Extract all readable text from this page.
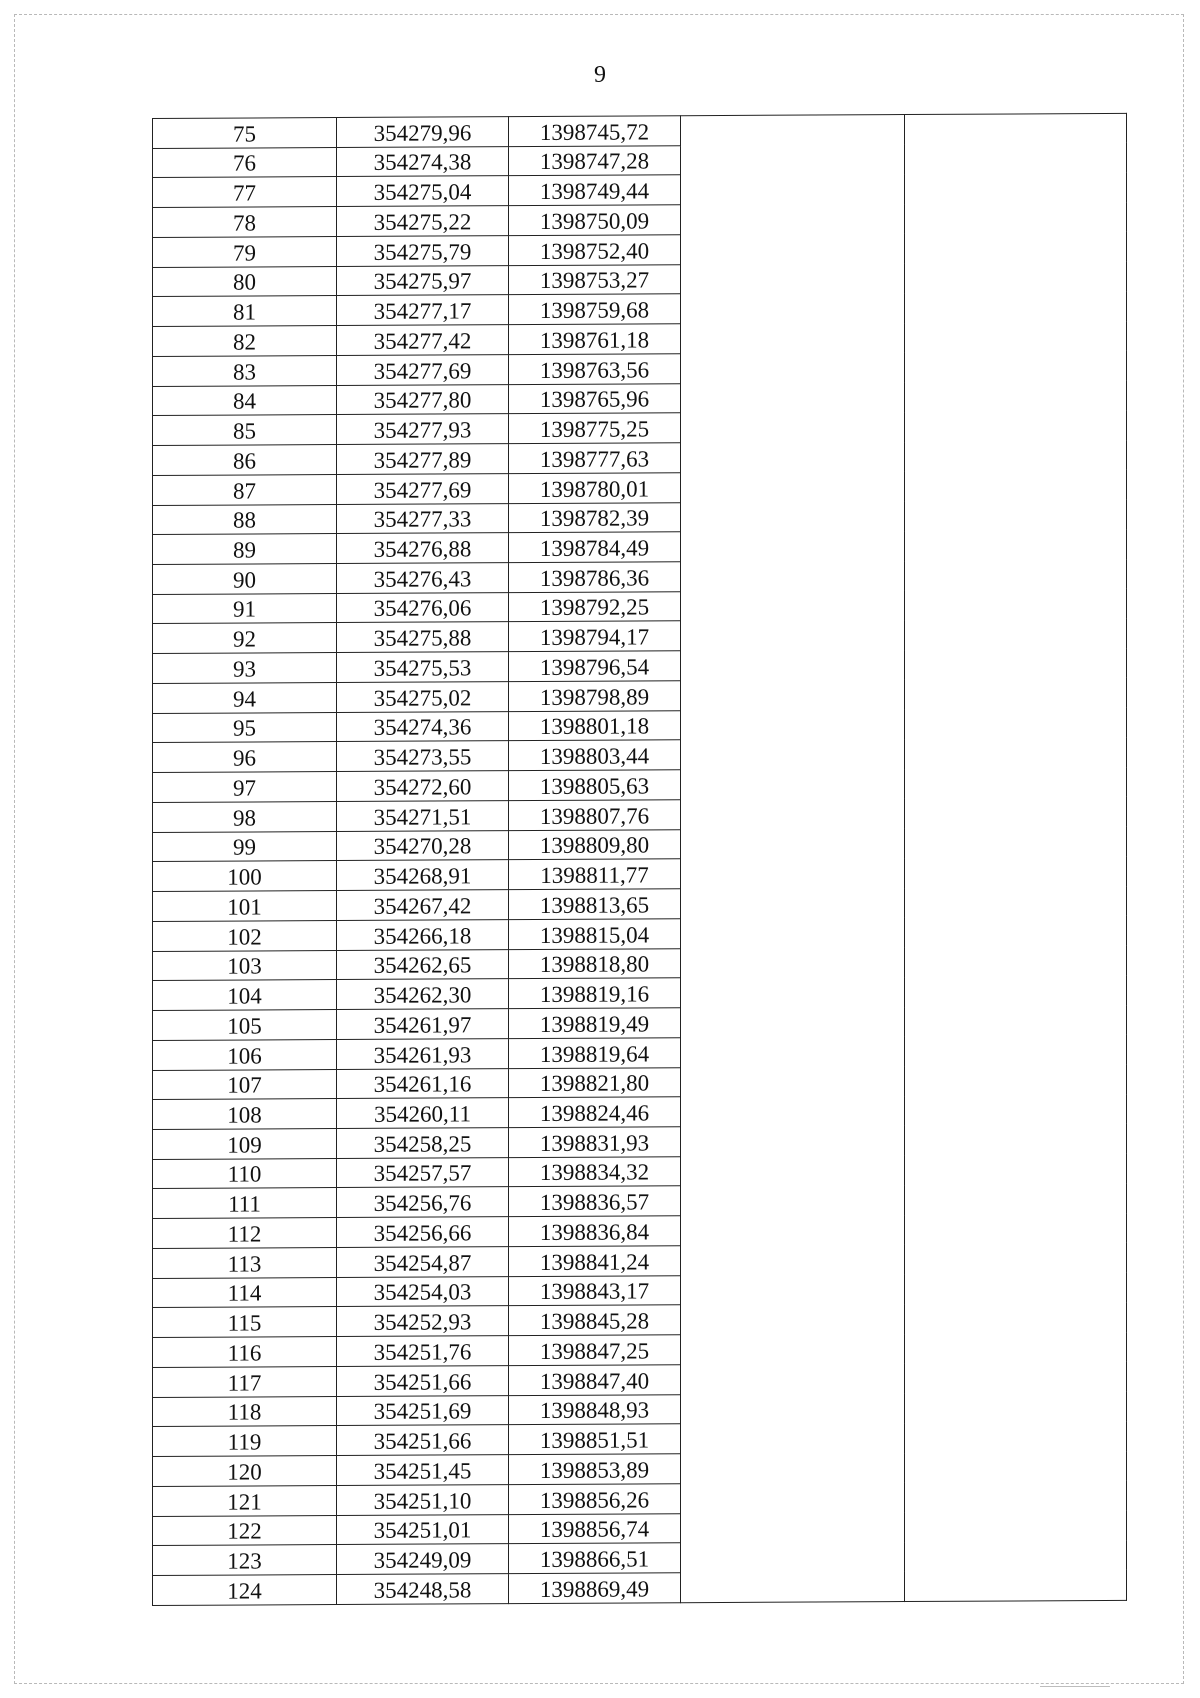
9
75	354279,96	1398745,72		
76	354274,38	1398747,28		
77	354275,04	1398749,44		
78	354275,22	1398750,09		
79	354275,79	1398752,40		
80	354275,97	1398753,27		
81	354277,17	1398759,68		
82	354277,42	1398761,18		
83	354277,69	1398763,56		
84	354277,80	1398765,96		
85	354277,93	1398775,25		
86	354277,89	1398777,63		
87	354277,69	1398780,01		
88	354277,33	1398782,39		
89	354276,88	1398784,49		
90	354276,43	1398786,36		
91	354276,06	1398792,25		
92	354275,88	1398794,17		
93	354275,53	1398796,54		
94	354275,02	1398798,89		
95	354274,36	1398801,18		
96	354273,55	1398803,44		
97	354272,60	1398805,63		
98	354271,51	1398807,76		
99	354270,28	1398809,80		
100	354268,91	1398811,77		
101	354267,42	1398813,65		
102	354266,18	1398815,04		
103	354262,65	1398818,80		
104	354262,30	1398819,16		
105	354261,97	1398819,49		
106	354261,93	1398819,64		
107	354261,16	1398821,80		
108	354260,11	1398824,46		
109	354258,25	1398831,93		
110	354257,57	1398834,32		
111	354256,76	1398836,57		
112	354256,66	1398836,84		
113	354254,87	1398841,24		
114	354254,03	1398843,17		
115	354252,93	1398845,28		
116	354251,76	1398847,25		
117	354251,66	1398847,40		
118	354251,69	1398848,93		
119	354251,66	1398851,51		
120	354251,45	1398853,89		
121	354251,10	1398856,26		
122	354251,01	1398856,74		
123	354249,09	1398866,51		
124	354248,58	1398869,49		
